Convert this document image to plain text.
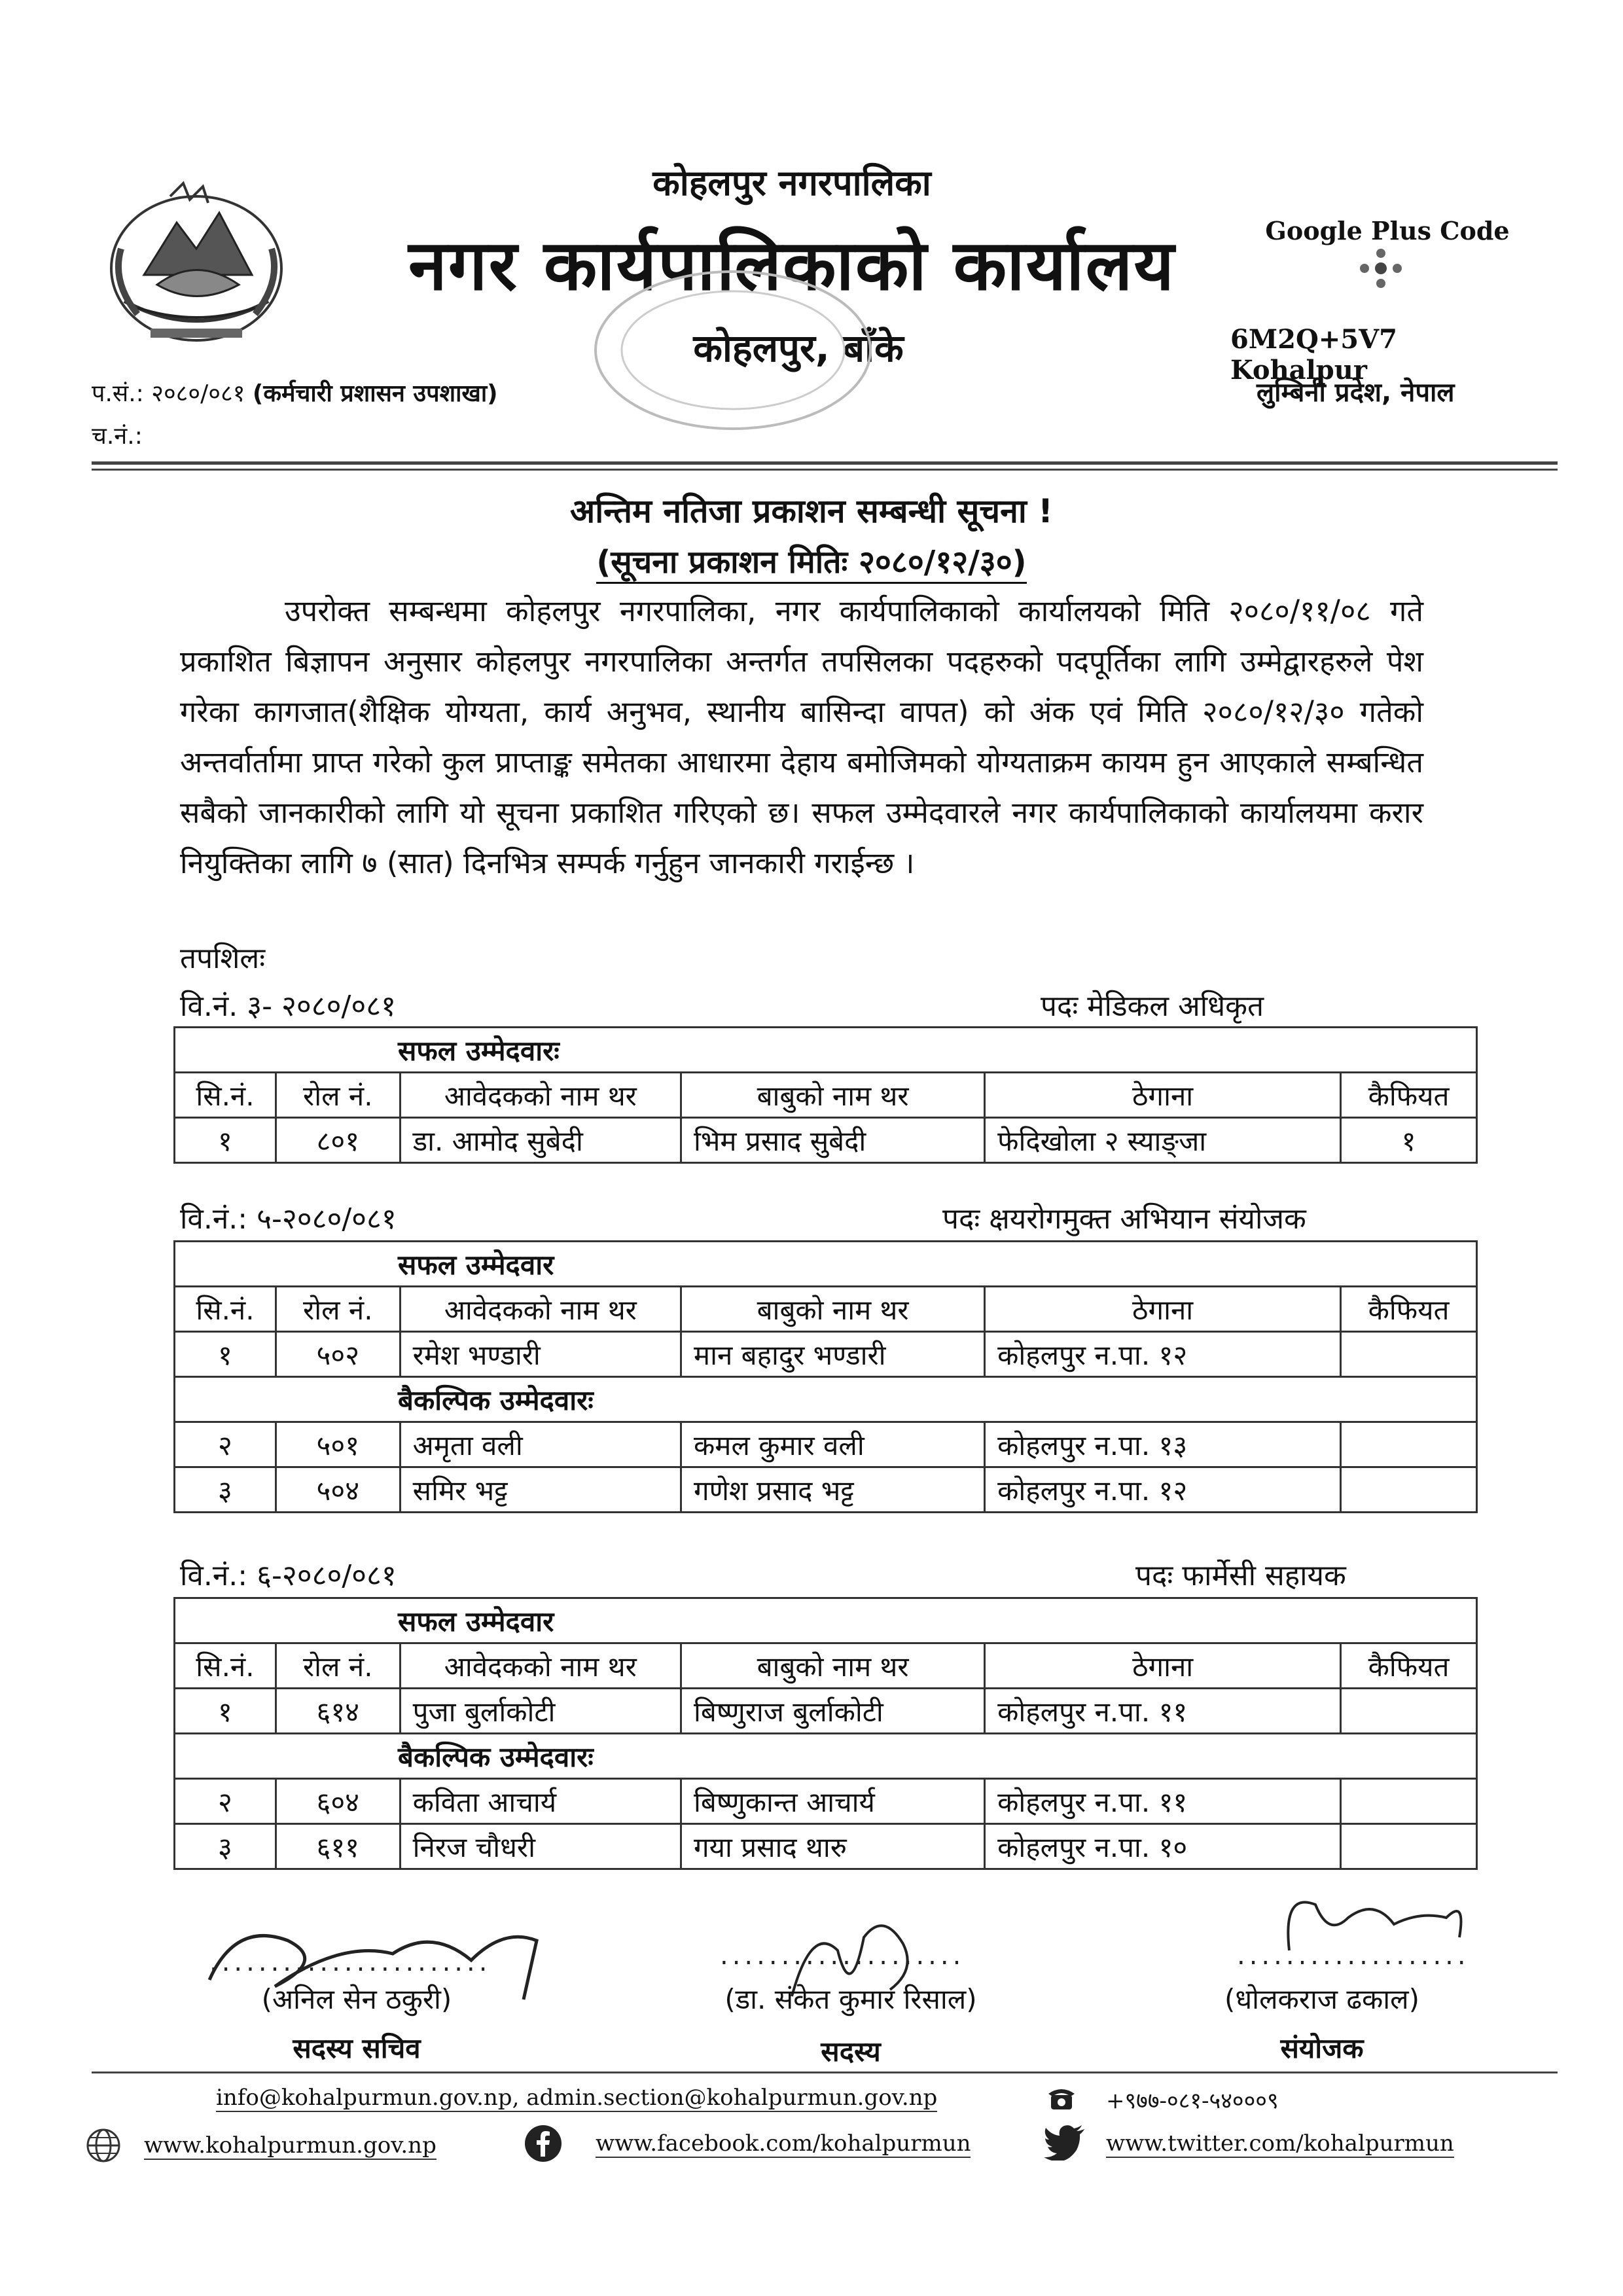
कोहलपुर नगरपालिका
नगर कार्यपालिकाको कार्यालय
कोहलपुर, बाँके
Google Plus Code
6M2Q+5V7 Kohalpur
लुम्बिनी प्रदेश, नेपाल
प.सं.: २०८०/०८१ (कर्मचारी प्रशासन उपशाखा)
च.नं.:
अन्तिम नतिजा प्रकाशन सम्बन्धी सूचना !
(सूचना प्रकाशन मितिः २०८०/१२/३०)
उपरोक्त सम्बन्धमा कोहलपुर नगरपालिका, नगर कार्यपालिकाको कार्यालयको मिति २०८०/११/०८ गते प्रकाशित बिज्ञापन अनुसार कोहलपुर नगरपालिका अन्तर्गत तपसिलका पदहरुको पदपूर्तिका लागि उम्मेद्वारहरुले पेश गरेका कागजात(शैक्षिक योग्यता, कार्य अनुभव, स्थानीय बासिन्दा वापत) को अंक एवं मिति २०८०/१२/३० गतेको अन्तर्वार्तामा प्राप्त गरेको कुल प्राप्ताङ्क समेतका आधारमा देहाय बमोजिमको योग्यताक्रम कायम हुन आएकाले सम्बन्धित सबैको जानकारीको लागि यो सूचना प्रकाशित गरिएको छ। सफल उम्मेदवारले नगर कार्यपालिकाको कार्यालयमा करार नियुक्तिका लागि ७ (सात) दिनभित्र सम्पर्क गर्नुहुन जानकारी गराईन्छ ।
तपशिलः
वि.नं. ३- २०८०/०८१	पदः मेडिकल अधिकृत
सफल उम्मेदवारः					
सि.नं.	रोल नं.	आवेदकको नाम थर	बाबुको नाम थर	ठेगाना	कैफियत
१	८०१	डा. आमोद सुबेदी	भिम प्रसाद सुबेदी	फेदिखोला २ स्याङ्जा	१
वि.नं.: ५-२०८०/०८१	पदः क्षयरोगमुक्त अभियान संयोजक
सफल उम्मेदवार					
सि.नं.	रोल नं.	आवेदकको नाम थर	बाबुको नाम थर	ठेगाना	कैफियत
१	५०२	रमेश भण्डारी	मान बहादुर भण्डारी	कोहलपुर न.पा. १२	
बैकल्पिक उम्मेदवारः					
२	५०१	अमृता वली	कमल कुमार वली	कोहलपुर न.पा. १३	
३	५०४	समिर भट्ट	गणेश प्रसाद भट्ट	कोहलपुर न.पा. १२	
वि.नं.: ६-२०८०/०८१	पदः फार्मेसी सहायक
सफल उम्मेदवार					
सि.नं.	रोल नं.	आवेदकको नाम थर	बाबुको नाम थर	ठेगाना	कैफियत
१	६१४	पुजा बुर्लाकोटी	बिष्णुराज बुर्लाकोटी	कोहलपुर न.पा. ११	
बैकल्पिक उम्मेदवारः					
२	६०४	कविता आचार्य	बिष्णुकान्त आचार्य	कोहलपुर न.पा. ११	
३	६११	निरज चौधरी	गया प्रसाद थारु	कोहलपुर न.पा. १०	
.......................
(अनिल सेन ठकुरी)
सदस्य सचिव
....................
(डा. संकेत कुमार रिसाल)
सदस्य
...................
(धोलकराज ढकाल)
संयोजक
info@kohalpurmun.gov.np, admin.section@kohalpurmun.gov.np	+९७७-०८१-५४०००९
www.kohalpurmun.gov.np	www.facebook.com/kohalpurmun	www.twitter.com/kohalpurmun
